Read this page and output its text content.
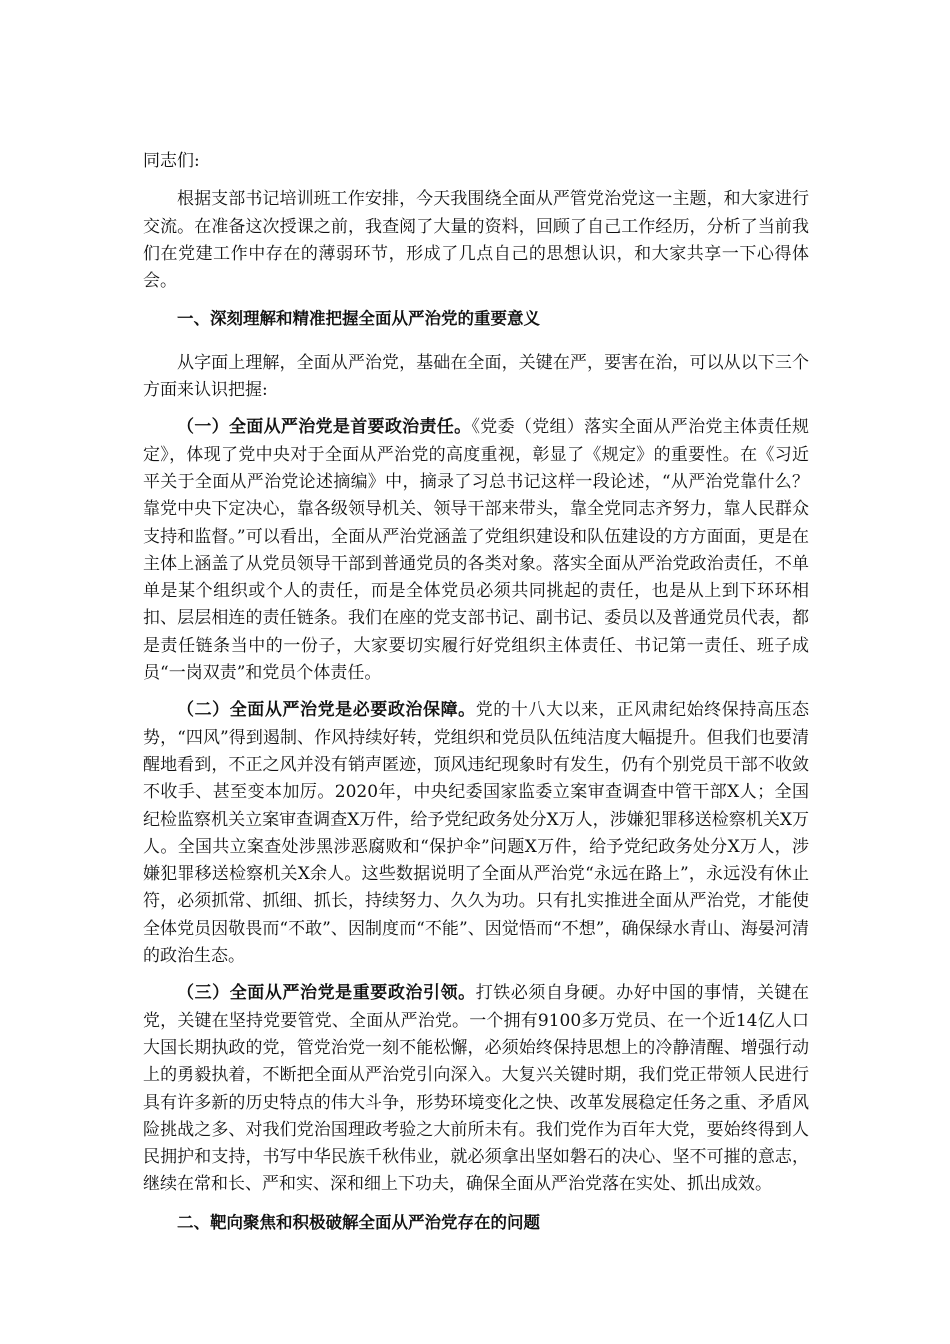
同志们:

根据支部书记培训班工作安排，今天我围绕全面从严管党治党这一主题，和大家进行交流。在准备这次授课之前，我查阅了大量的资料，回顾了自己工作经历，分析了当前我们在党建工作中存在的薄弱环节，形成了几点自己的思想认识，和大家共享一下心得体会。

一、深刻理解和精准把握全面从严治党的重要意义

从字面上理解，全面从严治党，基础在全面，关键在严，要害在治，可以从以下三个方面来认识把握:

（一）全面从严治党是首要政治责任。《党委（党组）落实全面从严治党主体责任规定》，体现了党中央对于全面从严治党的高度重视，彰显了《规定》的重要性。在《习近平关于全面从严治党论述摘编》中，摘录了习总书记这样一段论述，“从严治党靠什么？靠党中央下定决心，靠各级领导机关、领导干部来带头，靠全党同志齐努力，靠人民群众支持和监督。”可以看出，全面从严治党涵盖了党组织建设和队伍建设的方方面面，更是在主体上涵盖了从党员领导干部到普通党员的各类对象。落实全面从严治党政治责任，不单单是某个组织或个人的责任，而是全体党员必须共同挑起的责任，也是从上到下环环相扣、层层相连的责任链条。我们在座的党支部书记、副书记、委员以及普通党员代表，都是责任链条当中的一份子，大家要切实履行好党组织主体责任、书记第一责任、班子成员“一岗双责”和党员个体责任。

（二）全面从严治党是必要政治保障。党的十八大以来，正风肃纪始终保持高压态势，“四风”得到遏制、作风持续好转，党组织和党员队伍纯洁度大幅提升。但我们也要清醒地看到，不正之风并没有销声匿迹，顶风违纪现象时有发生，仍有个别党员干部不收敛不收手、甚至变本加厉。2020年，中央纪委国家监委立案审查调查中管干部X人；全国纪检监察机关立案审查调查X万件，给予党纪政务处分X万人，涉嫌犯罪移送检察机关X万人。全国共立案查处涉黑涉恶腐败和“保护伞”问题X万件，给予党纪政务处分X万人，涉嫌犯罪移送检察机关X余人。这些数据说明了全面从严治党“永远在路上”，永远没有休止符，必须抓常、抓细、抓长，持续努力、久久为功。只有扎实推进全面从严治党，才能使全体党员因敬畏而“不敢”、因制度而“不能”、因觉悟而“不想”，确保绿水青山、海晏河清的政治生态。

（三）全面从严治党是重要政治引领。打铁必须自身硬。办好中国的事情，关键在党，关键在坚持党要管党、全面从严治党。一个拥有9100多万党员、在一个近14亿人口大国长期执政的党，管党治党一刻不能松懈，必须始终保持思想上的冷静清醒、增强行动上的勇毅执着，不断把全面从严治党引向深入。大复兴关键时期，我们党正带领人民进行具有许多新的历史特点的伟大斗争，形势环境变化之快、改革发展稳定任务之重、矛盾风险挑战之多、对我们党治国理政考验之大前所未有。我们党作为百年大党，要始终得到人民拥护和支持，书写中华民族千秋伟业，就必须拿出坚如磐石的决心、坚不可摧的意志，继续在常和长、严和实、深和细上下功夫，确保全面从严治党落在实处、抓出成效。

二、靶向聚焦和积极破解全面从严治党存在的问题
